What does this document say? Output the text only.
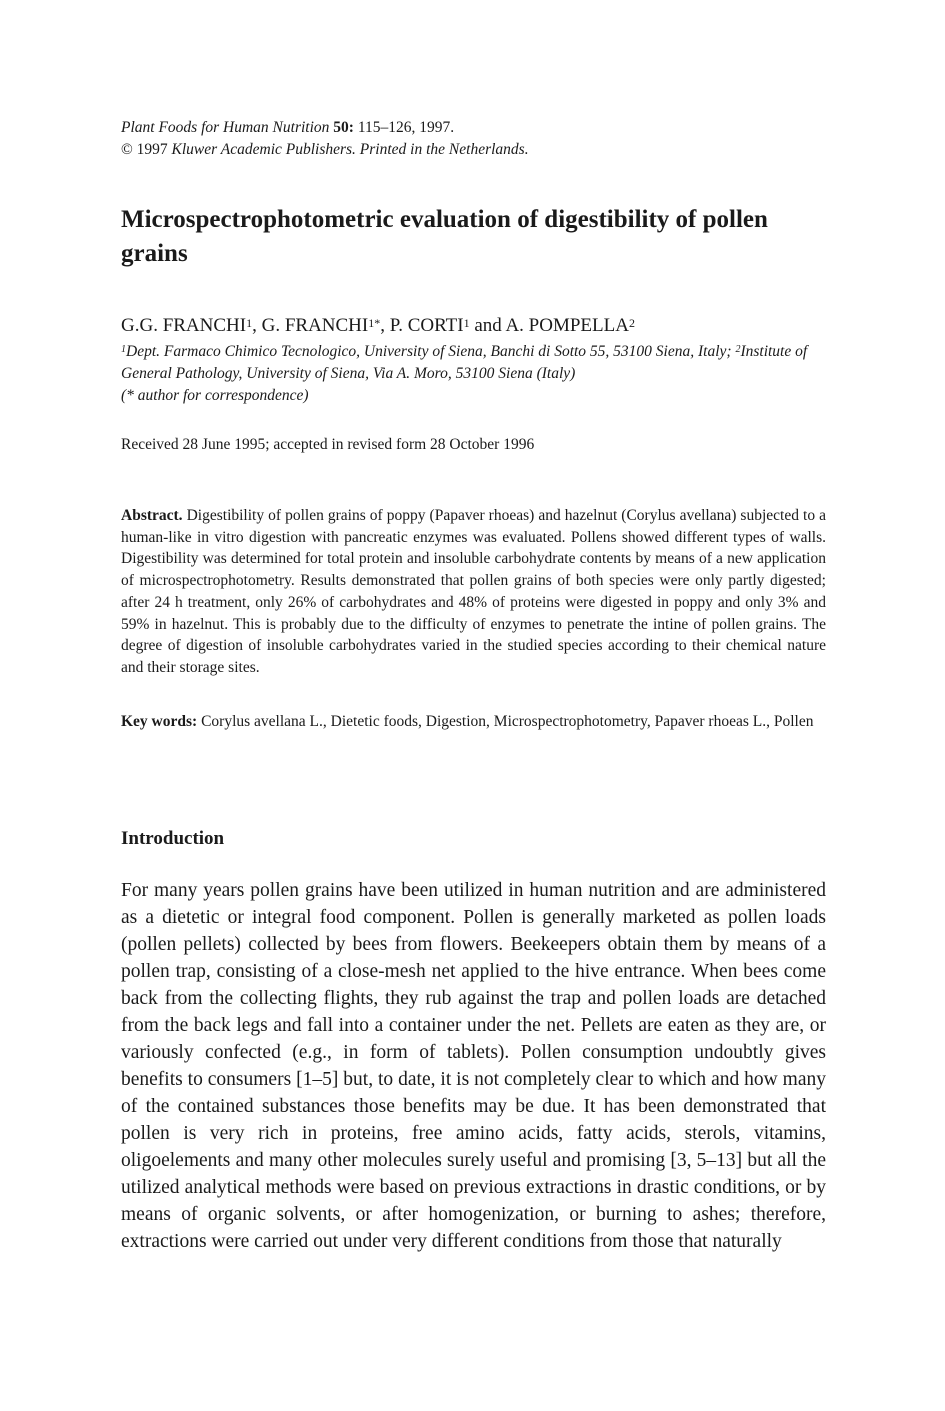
Plant Foods for Human Nutrition 50: 115–126, 1997.
© 1997 Kluwer Academic Publishers. Printed in the Netherlands.
Microspectrophotometric evaluation of digestibility of pollen grains
G.G. FRANCHI$^1$, G. $FRANCHI^{1*}$, P. CORTI$^1$ and A. POMPELLA$^2$
$^1$Dept. Farmaco Chimico Tecnologico, University of Siena, Banchi di Sotto 55, 53100 Siena, Italy; $^2$Institute of General Pathology, University of Siena, Via A. Moro, 53100 Siena (Italy)
(* author for correspondence)
Received 28 June 1995; accepted in revised form 28 October 1996
Abstract. Digestibility of pollen grains of poppy (Papaver rhoeas) and hazelnut (Corylus avellana) subjected to a human-like in vitro digestion with pancreatic enzymes was evaluated. Pollens showed different types of walls. Digestibility was determined for total protein and insoluble carbohydrate contents by means of a new application of microspectrophotometry. Results demonstrated that pollen grains of both species were only partly digested; after 24 h treatment, only 26% of carbohydrates and 48% of proteins were digested in poppy and only 3% and 59% in hazelnut. This is probably due to the difficulty of enzymes to penetrate the intine of pollen grains. The degree of digestion of insoluble carbohydrates varied in the studied species according to their chemical nature and their storage sites.
Key words: Corylus avellana L., Dietetic foods, Digestion, Microspectrophotometry, Papaver rhoeas L., Pollen
Introduction

For many years pollen grains have been utilized in human nutrition and are administered as a dietetic or integral food component. Pollen is generally marketed as pollen loads (pollen pellets) collected by bees from flowers. Beekeepers obtain them by means of a pollen trap, consisting of a close-mesh net applied to the hive entrance. When bees come back from the collecting flights, they rub against the trap and pollen loads are detached from the back legs and fall into a container under the net. Pellets are eaten as they are, or variously confected (e.g., in form of tablets). Pollen consumption undoubtly gives benefits to consumers [1–5] but, to date, it is not completely clear to which and how many of the contained substances those benefits may be due. It has been demonstrated that pollen is very rich in proteins, free amino acids, fatty acids, sterols, vitamins, oligoelements and many other molecules surely useful and promising [3, 5–13] but all the utilized analytical methods were based on previous extractions in drastic conditions, or by means of organic solvents, or after homogenization, or burning to ashes; therefore, extractions were carried out under very different conditions from those that naturally
